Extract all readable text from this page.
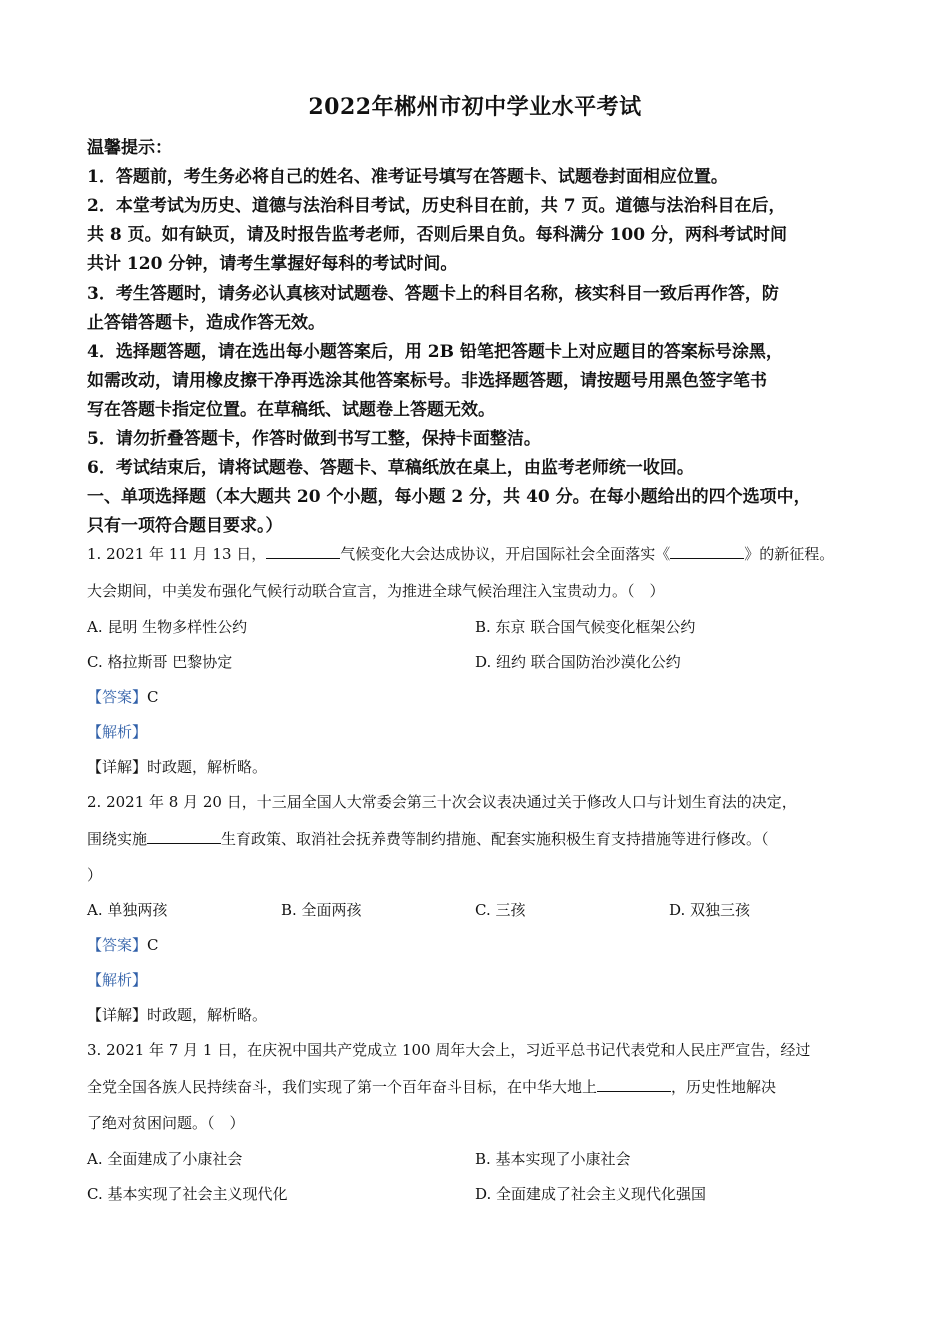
2022年郴州市初中学业水平考试
温馨提示：
1．答题前，考生务必将自己的姓名、准考证号填写在答题卡、试题卷封面相应位置。
2．本堂考试为历史、道德与法治科目考试，历史科目在前，共 7 页。道德与法治科目在后，
共 8 页。如有缺页，请及时报告监考老师，否则后果自负。每科满分 100 分，两科考试时间
共计 120 分钟，请考生掌握好每科的考试时间。
3．考生答题时，请务必认真核对试题卷、答题卡上的科目名称，核实科目一致后再作答，防
止答错答题卡，造成作答无效。
4．选择题答题，请在选出每小题答案后，用 2B 铅笔把答题卡上对应题目的答案标号涂黑，
如需改动，请用橡皮擦干净再选涂其他答案标号。非选择题答题，请按题号用黑色签字笔书
写在答题卡指定位置。在草稿纸、试题卷上答题无效。
5．请勿折叠答题卡，作答时做到书写工整，保持卡面整洁。
6．考试结束后，请将试题卷、答题卡、草稿纸放在桌上，由监考老师统一收回。
一、单项选择题（本大题共 20 个小题，每小题 2 分，共 40 分。在每小题给出的四个选项中，
只有一项符合题目要求。）
1. 2021 年 11 月 13 日，	气候变化大会达成协议，开启国际社会全面落实《	》的新征程。
大会期间，中美发布强化气候行动联合宣言，为推进全球气候治理注入宝贵动力。（　）
A. 昆明 生物多样性公约	B. 东京 联合国气候变化框架公约
C. 格拉斯哥 巴黎协定	D. 纽约 联合国防治沙漠化公约
【答案】C
【解析】
【详解】时政题，解析略。
2. 2021 年 8 月 20 日，十三届全国人大常委会第三十次会议表决通过关于修改人口与计划生育法的决定，
围绕实施	生育政策、取消社会抚养费等制约措施、配套实施积极生育支持措施等进行修改。（
）
A. 单独两孩	B. 全面两孩	C. 三孩	D. 双独三孩
【答案】C
【解析】
【详解】时政题，解析略。
3. 2021 年 7 月 1 日，在庆祝中国共产党成立 100 周年大会上，习近平总书记代表党和人民庄严宣告，经过
全党全国各族人民持续奋斗，我们实现了第一个百年奋斗目标，在中华大地上	，历史性地解决
了绝对贫困问题。（　）
A. 全面建成了小康社会	B. 基本实现了小康社会
C. 基本实现了社会主义现代化	D. 全面建成了社会主义现代化强国
